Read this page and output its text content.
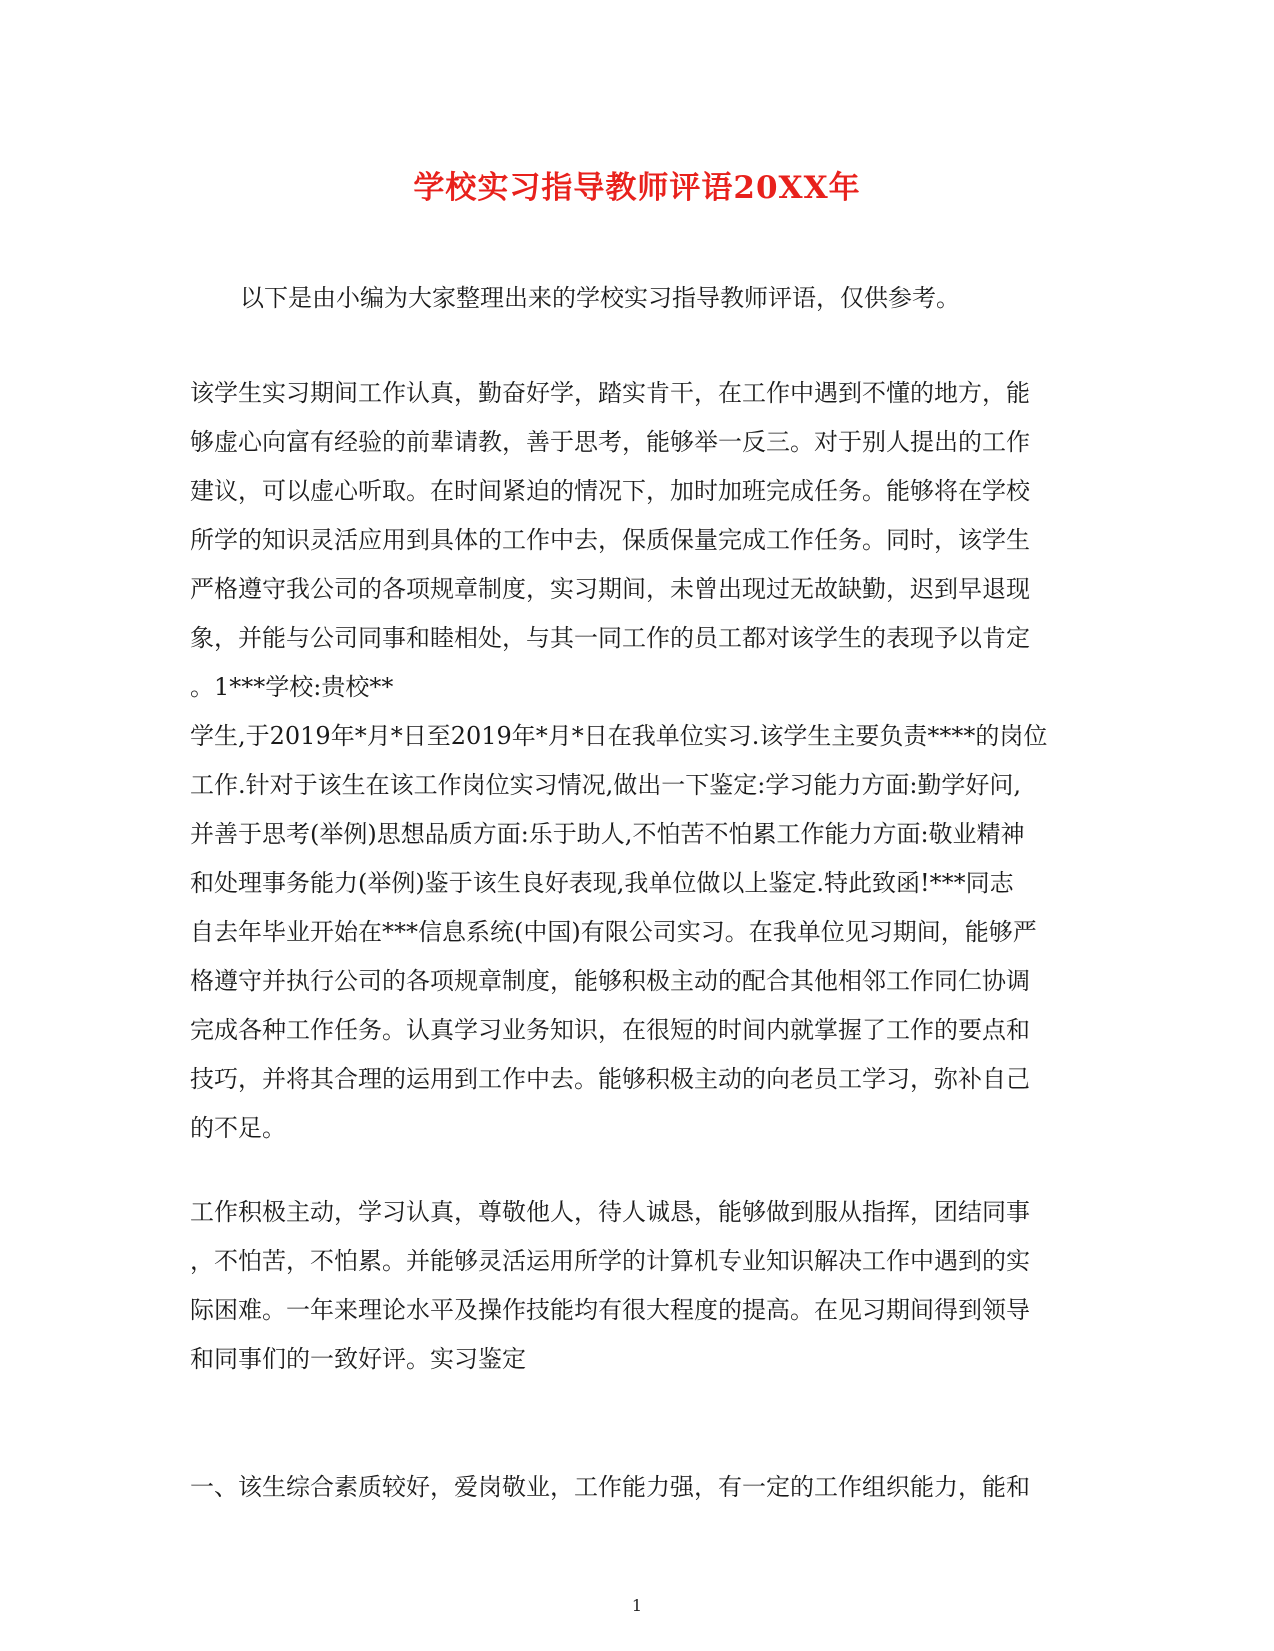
学校实习指导教师评语20XX年
以下是由小编为大家整理出来的学校实习指导教师评语，仅供参考。
该学生实习期间工作认真，勤奋好学，踏实肯干，在工作中遇到不懂的地方，能
够虚心向富有经验的前辈请教，善于思考，能够举一反三。对于别人提出的工作
建议，可以虚心听取。在时间紧迫的情况下，加时加班完成任务。能够将在学校
所学的知识灵活应用到具体的工作中去，保质保量完成工作任务。同时，该学生
严格遵守我公司的各项规章制度，实习期间，未曾出现过无故缺勤，迟到早退现
象，并能与公司同事和睦相处，与其一同工作的员工都对该学生的表现予以肯定
。1***学校:贵校**
学生,于2019年*月*日至2019年*月*日在我单位实习.该学生主要负责****的岗位
工作.针对于该生在该工作岗位实习情况,做出一下鉴定:学习能力方面:勤学好问,
并善于思考(举例)思想品质方面:乐于助人,不怕苦不怕累工作能力方面:敬业精神
和处理事务能力(举例)鉴于该生良好表现,我单位做以上鉴定.特此致函!***同志
自去年毕业开始在***信息系统(中国)有限公司实习。在我单位见习期间，能够严
格遵守并执行公司的各项规章制度，能够积极主动的配合其他相邻工作同仁协调
完成各种工作任务。认真学习业务知识，在很短的时间内就掌握了工作的要点和
技巧，并将其合理的运用到工作中去。能够积极主动的向老员工学习，弥补自己
的不足。
工作积极主动，学习认真，尊敬他人，待人诚恳，能够做到服从指挥，团结同事
，不怕苦，不怕累。并能够灵活运用所学的计算机专业知识解决工作中遇到的实
际困难。一年来理论水平及操作技能均有很大程度的提高。在见习期间得到领导
和同事们的一致好评。实习鉴定
一、该生综合素质较好，爱岗敬业，工作能力强，有一定的工作组织能力，能和
1
